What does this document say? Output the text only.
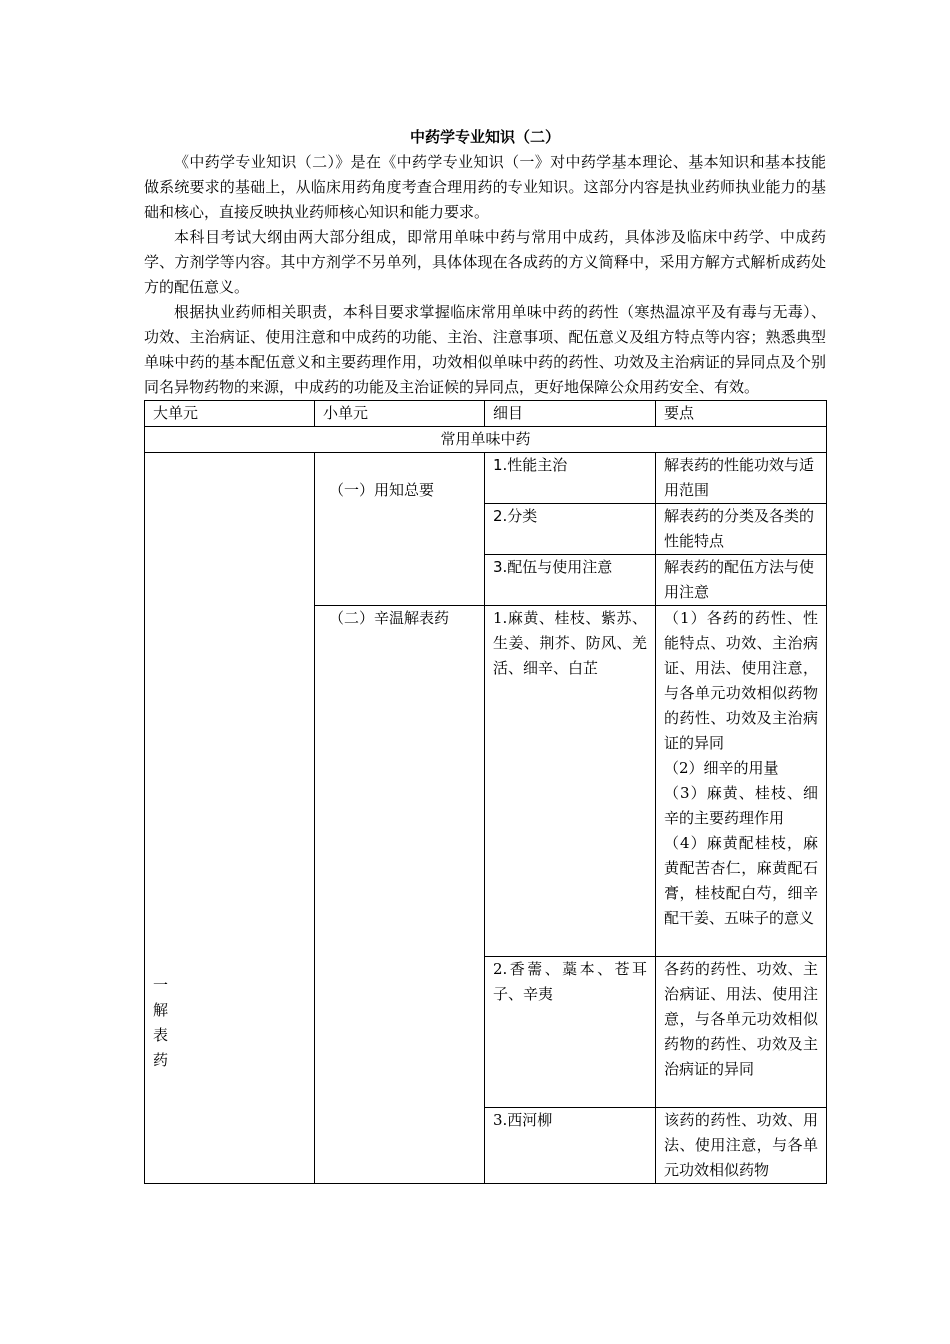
中药学专业知识（二）

《中药学专业知识（二）》是在《中药学专业知识（一》对中药学基本理论、基本知识和基本技能做系统要求的基础上，从临床用药角度考查合理用药的专业知识。这部分内容是执业药师执业能力的基础和核心，直接反映执业药师核心知识和能力要求。

本科目考试大纲由两大部分组成，即常用单味中药与常用中成药，具体涉及临床中药学、中成药学、方剂学等内容。其中方剂学不另单列，具体体现在各成药的方义简释中，采用方解方式解析成药处方的配伍意义。

根据执业药师相关职责，本科目要求掌握临床常用单味中药的药性（寒热温凉平及有毒与无毒）、功效、主治病证、使用注意和中成药的功能、主治、注意事项、配伍意义及组方特点等内容；熟悉典型单味中药的基本配伍意义和主要药理作用，功效相似单味中药的药性、功效及主治病证的异同点及个别同名异物药物的来源，中成药的功能及主治证候的异同点，更好地保障公众用药安全、有效。

大单元	小单元	细目	要点
常用单味中药			

一
解
表
药	（一）用知总要	1.性能主治	解表药的性能功效与适用范围
		2.分类	解表药的分类及各类的性能特点
		3.配伍与使用注意	解表药的配伍方法与使用注意
	（二）辛温解表药	1.麻黄、桂枝、紫苏、生姜、荆芥、防风、羌活、细辛、白芷	（1）各药的药性、性能特点、功效、主治病证、用法、使用注意，与各单元功效相似药物的药性、功效及主治病证的异同
（2）细辛的用量
（3）麻黄、桂枝、细辛的主要药理作用
（4）麻黄配桂枝，麻黄配苦杏仁，麻黄配石膏，桂枝配白芍，细辛配干姜、五味子的意义

		2.香薷、藁本、苍耳子、辛夷	各药的药性、功效、主治病证、用法、使用注意，与各单元功效相似药物的药性、功效及主治病证的异同
		3.西河柳	该药的药性、功效、用法、使用注意，与各单元功效相似药物
